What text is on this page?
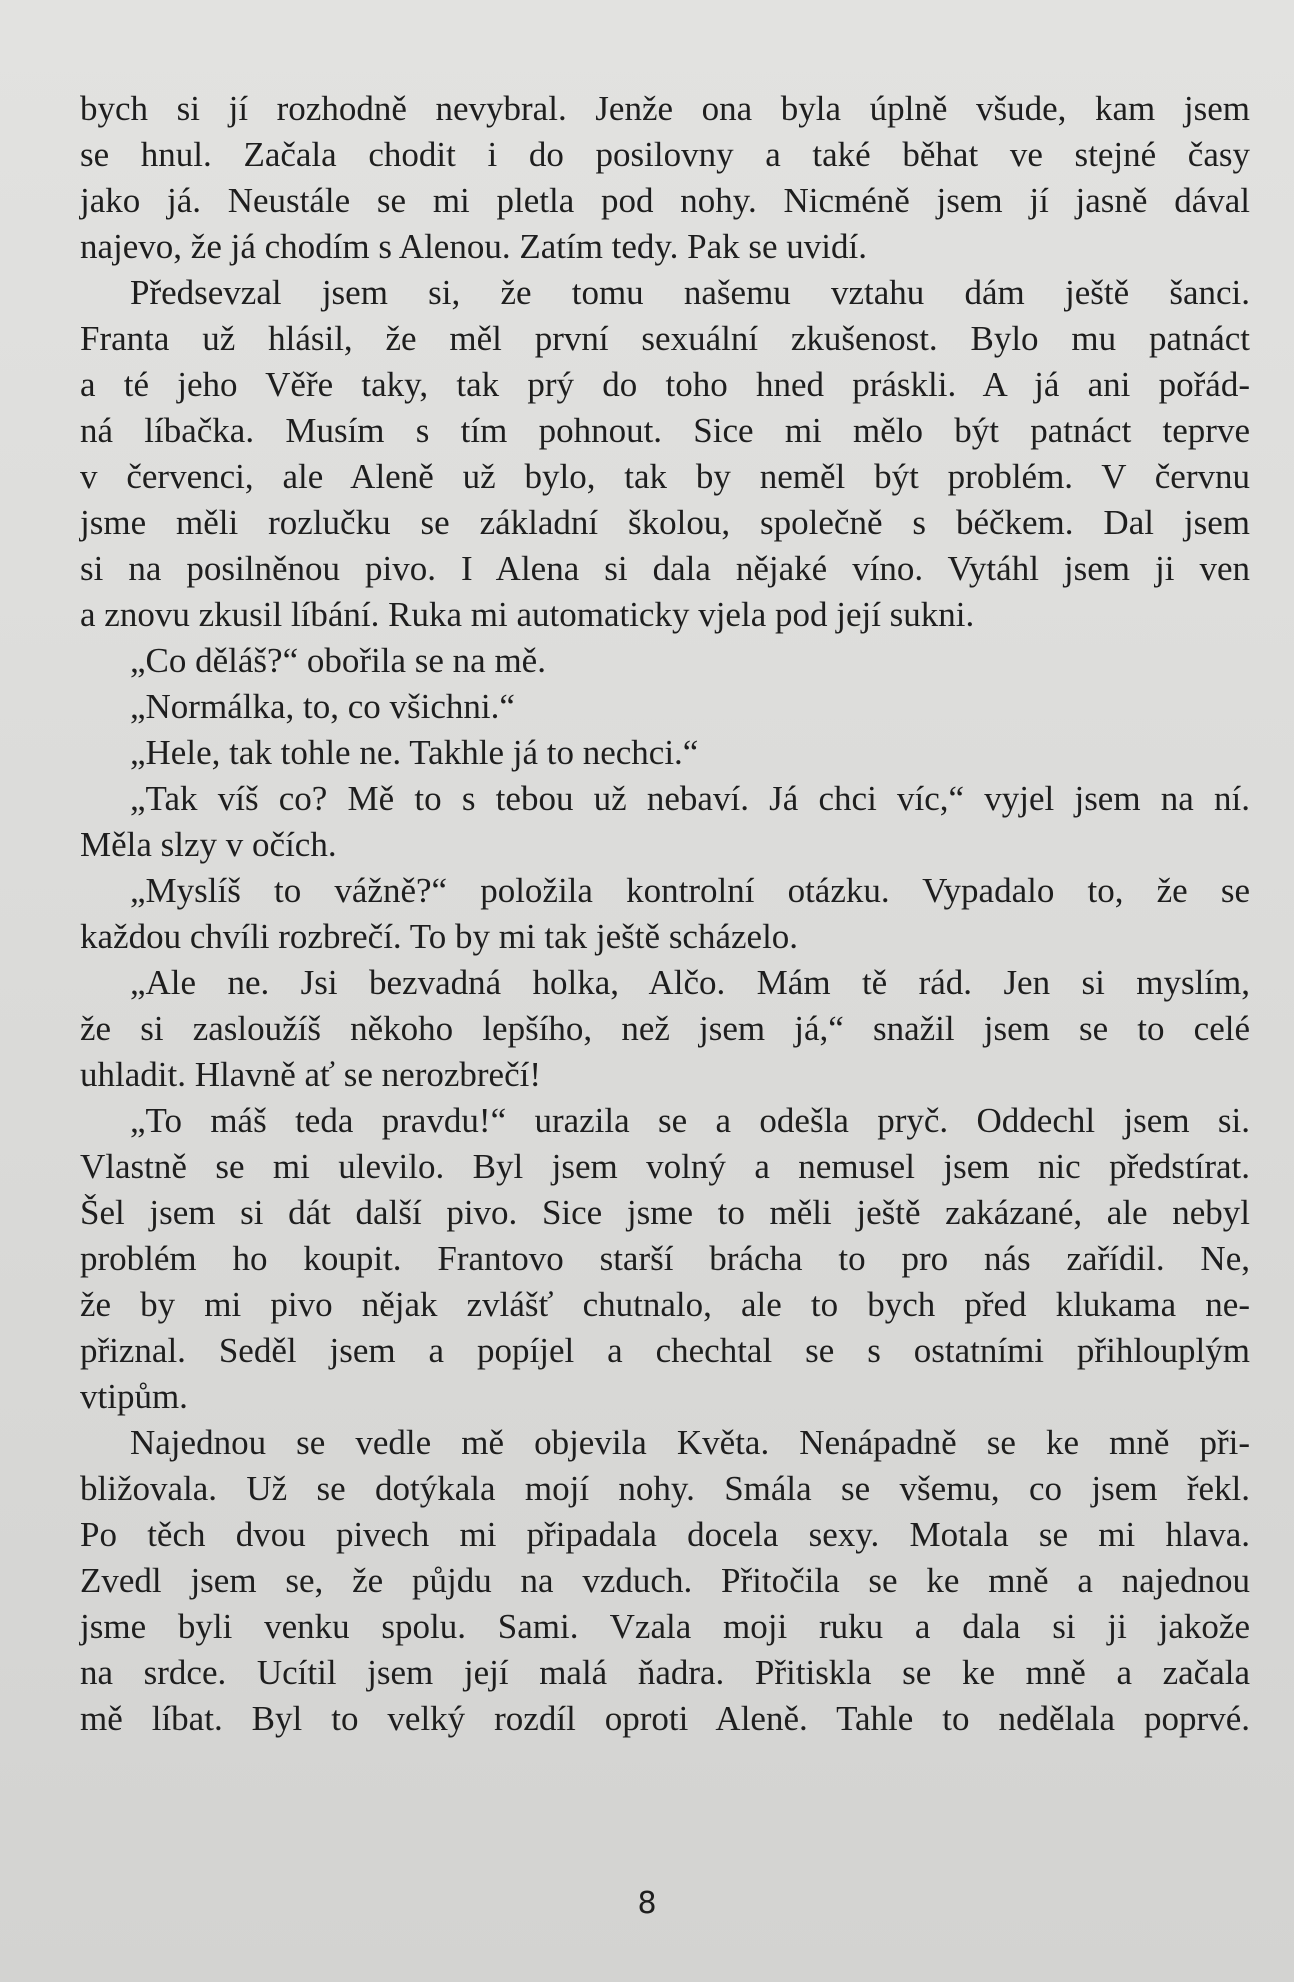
bych si jí rozhodně nevybral. Jenže ona byla úplně všude, kam jsem
se hnul. Začala chodit i do posilovny a také běhat ve stejné časy
jako já. Neustále se mi pletla pod nohy. Nicméně jsem jí jasně dával
najevo, že já chodím s Alenou. Zatím tedy. Pak se uvidí.
Předsevzal jsem si, že tomu našemu vztahu dám ještě šanci.
Franta už hlásil, že měl první sexuální zkušenost. Bylo mu patnáct
a té jeho Věře taky, tak prý do toho hned práskli. A já ani pořád-
ná líbačka. Musím s tím pohnout. Sice mi mělo být patnáct teprve
v červenci, ale Aleně už bylo, tak by neměl být problém. V červnu
jsme měli rozlučku se základní školou, společně s béčkem. Dal jsem
si na posilněnou pivo. I Alena si dala nějaké víno. Vytáhl jsem ji ven
a znovu zkusil líbání. Ruka mi automaticky vjela pod její sukni.
„Co děláš?“ obořila se na mě.
„Normálka, to, co všichni.“
„Hele, tak tohle ne. Takhle já to nechci.“
„Tak víš co? Mě to s tebou už nebaví. Já chci víc,“ vyjel jsem na ní.
Měla slzy v očích.
„Myslíš to vážně?“ položila kontrolní otázku. Vypadalo to, že se
každou chvíli rozbrečí. To by mi tak ještě scházelo.
„Ale ne. Jsi bezvadná holka, Alčo. Mám tě rád. Jen si myslím,
že si zasloužíš někoho lepšího, než jsem já,“ snažil jsem se to celé
uhladit. Hlavně ať se nerozbrečí!
„To máš teda pravdu!“ urazila se a odešla pryč. Oddechl jsem si.
Vlastně se mi ulevilo. Byl jsem volný a nemusel jsem nic předstírat.
Šel jsem si dát další pivo. Sice jsme to měli ještě zakázané, ale nebyl
problém ho koupit. Frantovo starší brácha to pro nás zařídil. Ne,
že by mi pivo nějak zvlášť chutnalo, ale to bych před klukama ne-
přiznal. Seděl jsem a popíjel a chechtal se s ostatními přihlouplým
vtipům.
Najednou se vedle mě objevila Květa. Nenápadně se ke mně při-
bližovala. Už se dotýkala mojí nohy. Smála se všemu, co jsem řekl.
Po těch dvou pivech mi připadala docela sexy. Motala se mi hlava.
Zvedl jsem se, že půjdu na vzduch. Přitočila se ke mně a najednou
jsme byli venku spolu. Sami. Vzala moji ruku a dala si ji jakože
na srdce. Ucítil jsem její malá ňadra. Přitiskla se ke mně a začala
mě líbat. Byl to velký rozdíl oproti Aleně. Tahle to nedělala poprvé.
8
